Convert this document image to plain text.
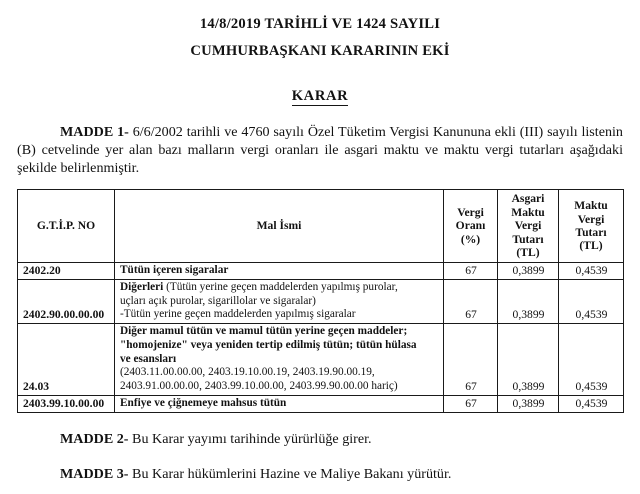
14/8/2019 TARİHLİ VE 1424 SAYILI
CUMHURBAŞKANI KARARININ EKİ
KARAR

MADDE 1- 6/6/2002 tarihli ve 4760 sayılı Özel Tüketim Vergisi Kanununa ekli (III) sayılı listenin (B) cetvelinde yer alan bazı malların vergi oranları ile asgari maktu ve maktu vergi tutarları aşağıdaki şekilde belirlenmiştir.

G.T.İ.P. NO	Mal İsmi	Vergi
Oranı
(%)	Asgari
Maktu
Vergi
Tutarı
(TL)	Maktu
Vergi
Tutarı
(TL)

2402.20	Tütün içeren sigaralar	67	0,3899	0,4539
2402.90.00.00.00	Diğerleri (Tütün yerine geçen maddelerden yapılmış purolar,
uçları açık purolar, sigarillolar ve sigaralar)
-Tütün yerine geçen maddelerden yapılmış sigaralar	67	0,3899	0,4539
24.03	Diğer mamul tütün ve mamul tütün yerine geçen maddeler;
"homojenize" veya yeniden tertip edilmiş tütün; tütün hülasa
ve esansları
(2403.11.00.00.00, 2403.19.10.00.19, 2403.19.90.00.19,
2403.91.00.00.00, 2403.99.10.00.00, 2403.99.90.00.00 hariç)	67	0,3899	0,4539
2403.99.10.00.00	Enfiye ve çiğnemeye mahsus tütün	67	0,3899	0,4539

MADDE 2- Bu Karar yayımı tarihinde yürürlüğe girer.

MADDE 3- Bu Karar hükümlerini Hazine ve Maliye Bakanı yürütür.
